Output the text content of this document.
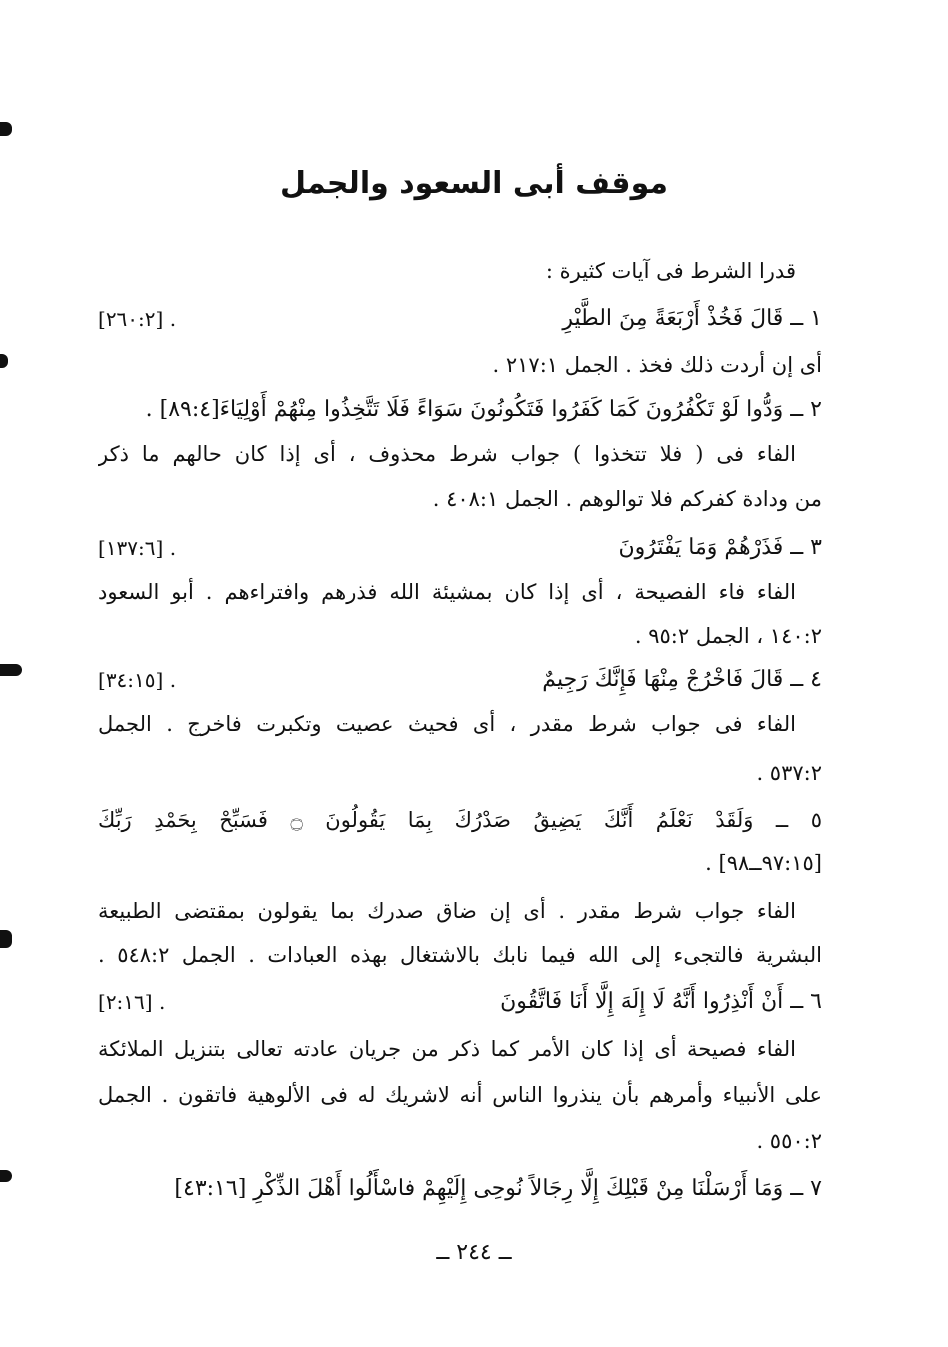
موقف أبى السعود والجمل
قدرا الشرط فى آيات كثيرة :
١ ــ قَالَ فَخُذْ أَرْبَعَةً مِنَ الطَّيْرِ
[٢٦٠:٢] .
أى إن أردت ذلك فخذ . الجمل ٢١٧:١ .
٢ ــ وَدُّوا لَوْ تَكْفُرُونَ كَمَا كَفَرُوا فَتَكُونُونَ سَوَاءً فَلَا تَتَّخِذُوا مِنْهُمْ أَوْلِيَاءَ[٨٩:٤] .
الفاء فى ( فلا تتخذوا ) جواب شرط محذوف ، أى إذا كان حالهم ما ذكر
من ودادة كفركم فلا توالوهم . الجمل ٤٠٨:١ .
٣ ــ فَذَرْهُمْ وَمَا يَفْتَرُونَ
[١٣٧:٦] .
الفاء فاء الفصيحة ، أى إذا كان بمشيئة الله فذرهم وافتراءهم . أبو السعود
١٤٠:٢ ، الجمل ٩٥:٢ .
٤ ــ قَالَ فَاخْرُجْ مِنْهَا فَإِنَّكَ رَجِيمٌ
[٣٤:١٥] .
الفاء فى جواب شرط مقدر ، أى فحيث عصيت وتكبرت فاخرج . الجمل
٥٣٧:٢ .
٥ ــ وَلَقَدْ نَعْلَمُ أَنَّكَ يَضِيقُ صَدْرُكَ بِمَا يَقُولُونَ ۝ فَسَبِّحْ بِحَمْدِ رَبِّكَ
[٩٧:١٥ــ٩٨] .
الفاء جواب شرط مقدر . أى إن ضاق صدرك بما يقولون بمقتضى الطبيعة
البشرية فالتجىء إلى الله فيما نابك بالاشتغال بهذه العبادات . الجمل ٥٤٨:٢ .
٦ ــ أَنْ أَنْذِرُوا أَنَّهُ لَا إِلَهَ إِلَّا أَنَا فَاتَّقُونَ
[٢:١٦] .
الفاء فصيحة أى إذا كان الأمر كما ذكر من جريان عادته تعالى بتنزيل الملائكة
على الأنبياء وأمرهم بأن ينذروا الناس أنه لاشريك له فى الألوهية فاتقون . الجمل
٥٥٠:٢ .
٧ ــ وَمَا أَرْسَلْنَا مِنْ قَبْلِكَ إِلَّا رِجَالاً نُوحِى إِلَيْهِمْ فاسْأَلُوا أَهْلَ الذِّكْرِ [٤٣:١٦]
ــ ٢٤٤ ــ
